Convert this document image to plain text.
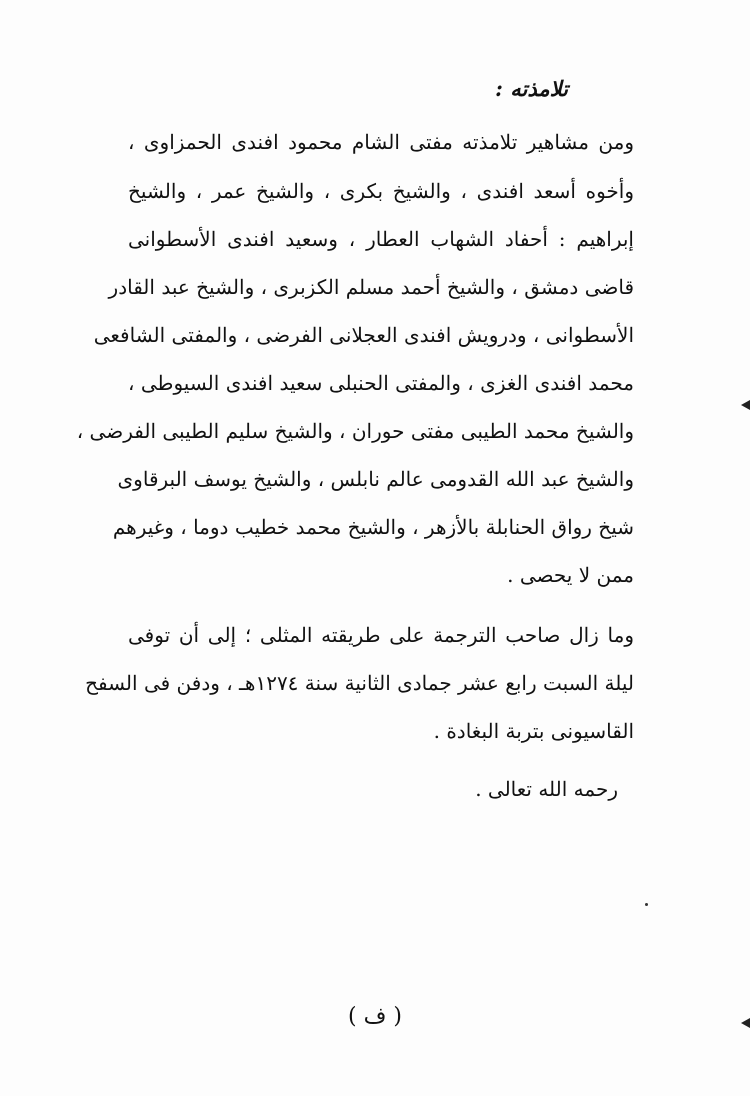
تلامذته :
ومن مشاهير تلامذته مفتى الشام محمود افندى الحمزاوى ،
وأخوه أسعد افندى ، والشيخ بكرى ، والشيخ عمر ، والشيخ
إبراهيم : أحفاد الشهاب العطار ، وسعيد افندى الأسطوانى
قاضى دمشق ، والشيخ أحمد مسلم الكزبرى ، والشيخ عبد القادر
الأسطوانى ، ودرويش افندى العجلانى الفرضى ، والمفتى الشافعى
محمد افندى الغزى ، والمفتى الحنبلى سعيد افندى السيوطى ،
والشيخ محمد الطيبى مفتى حوران ، والشيخ سليم الطيبى الفرضى ،
والشيخ عبد الله القدومى عالم نابلس ، والشيخ يوسف البرقاوى
شيخ رواق الحنابلة بالأزهر ، والشيخ محمد خطيب دوما ، وغيرهم
ممن لا يحصى .
وما زال صاحب الترجمة على طريقته المثلى ؛ إلى أن توفى
ليلة السبت رابع عشر جمادى الثانية سنة ١٢٧٤هـ ، ودفن فى السفح
القاسيونى بتربة البغادة .
رحمه الله تعالى .
( ف )
